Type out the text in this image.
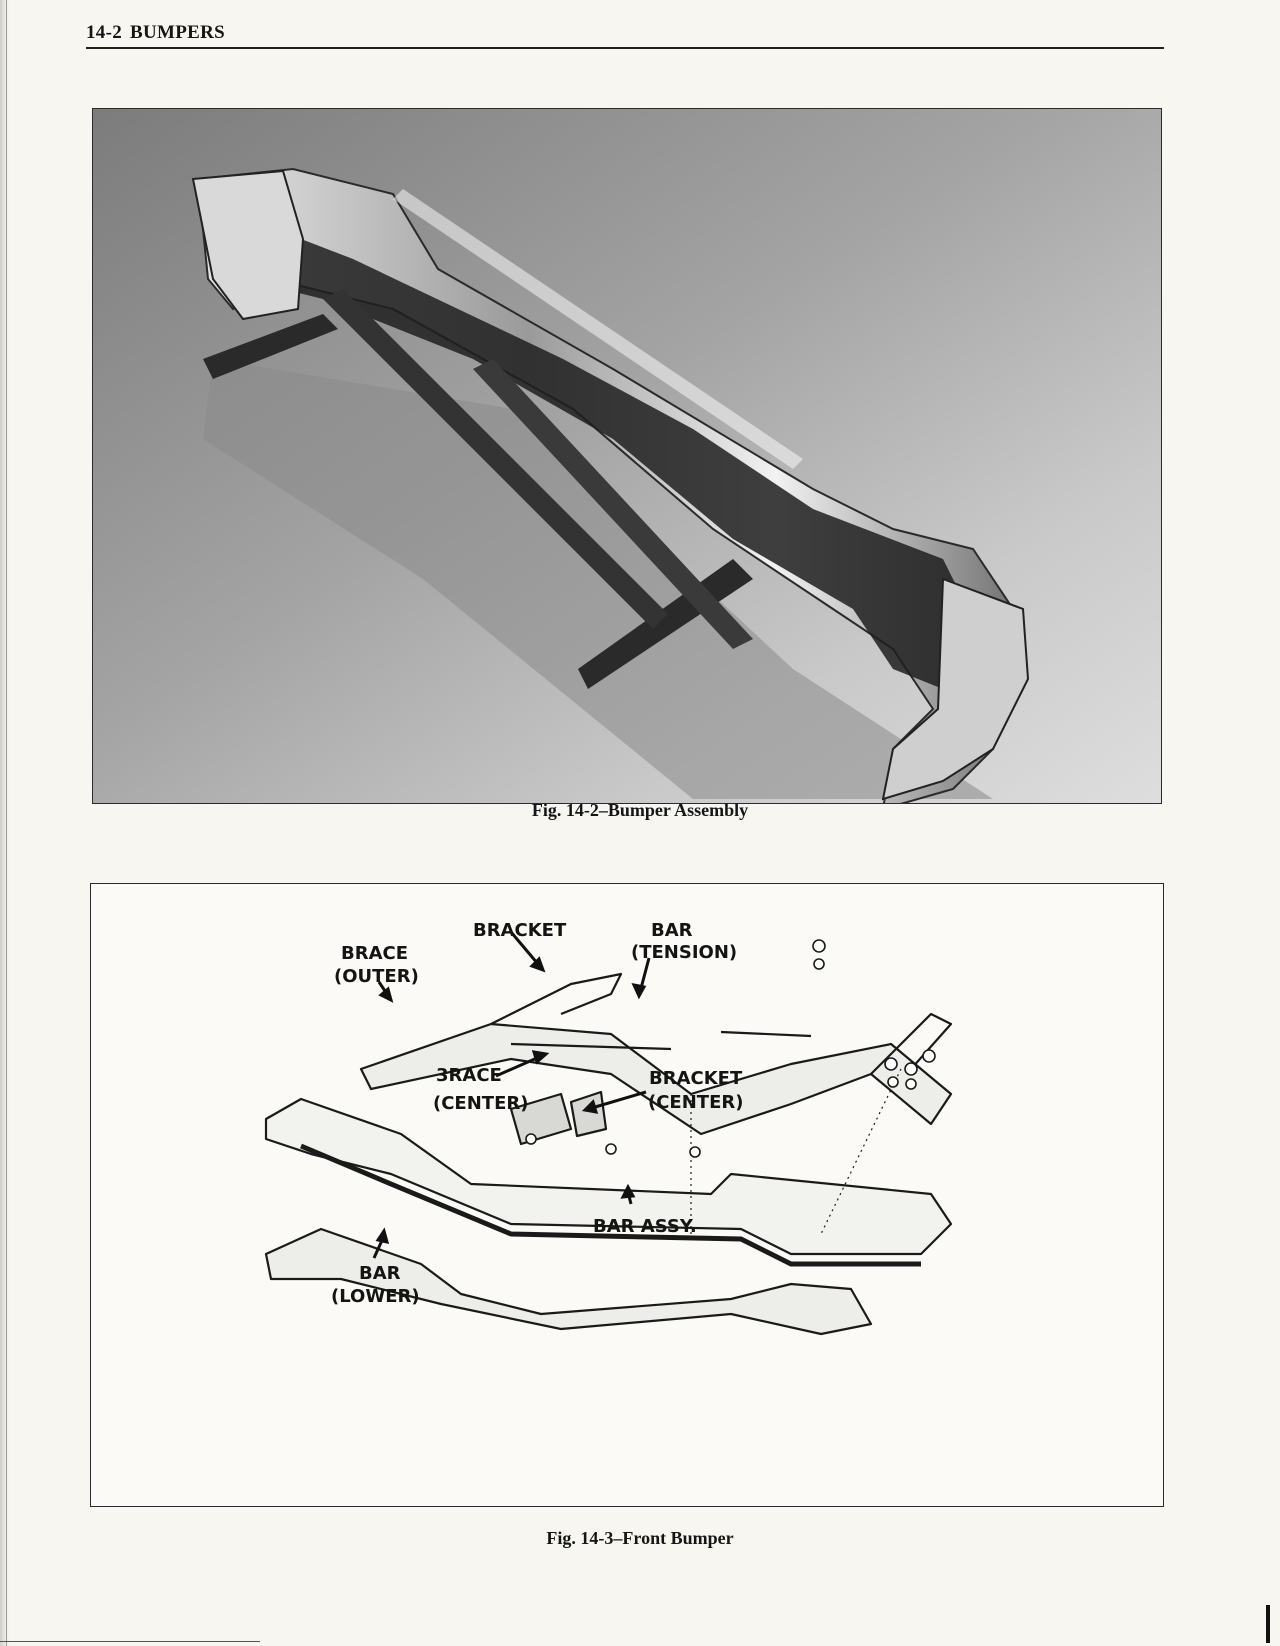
14-2 BUMPERS
Fig. 14-2–Bumper Assembly
BRACKET	BAR
(TENSION)
BRACE
(OUTER)
3RACE
(CENTER)
BRACKET
(CENTER)
BAR ASSY.
BAR
(LOWER)
Fig. 14-3–Front Bumper
